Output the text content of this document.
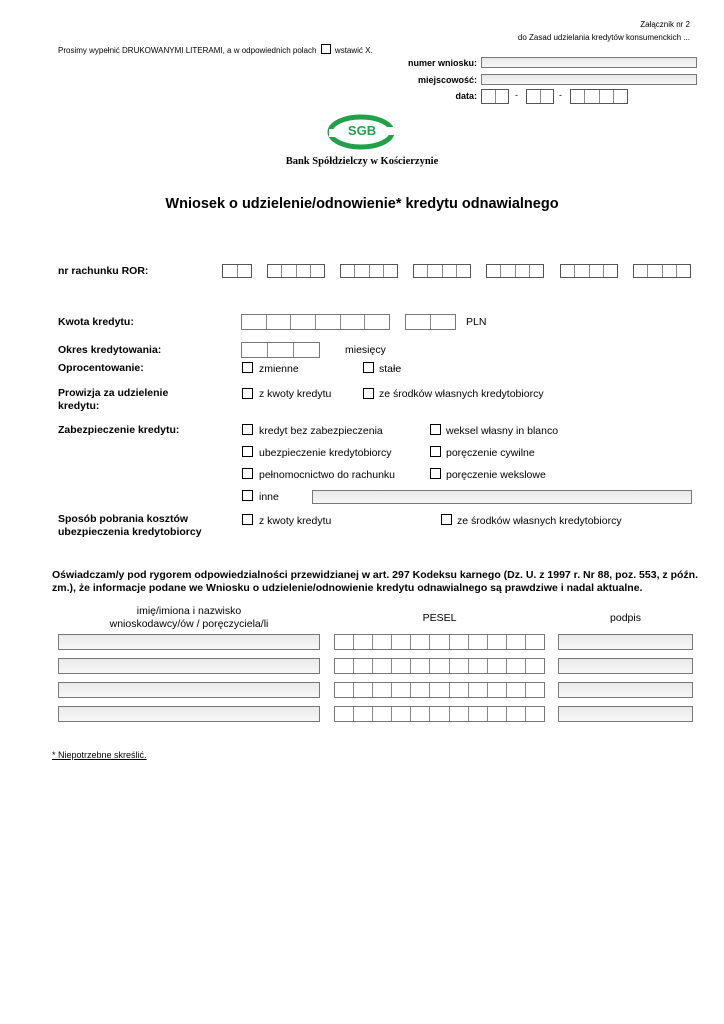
Załącznik nr 2
do Zasad udzielania kredytów konsumenckich ...
Prosimy wypełnić DRUKOWANYMI LITERAMI, a w odpowiednich polach wstawić X.
numer wniosku:
miejscowość:
data:	-	-
SGB
Bank Spółdzielczy w Kościerzynie
Wniosek o udzielenie/odnowienie* kredytu odnawialnego
nr rachunku ROR:
Kwota kredytu:	PLN
Okres kredytowania:	miesięcy
Oprocentowanie:	zmienne	stałe
Prowizja za udzielenie
kredytu:
z kwoty kredytu	ze środków własnych kredytobiorcy
Zabezpieczenie kredytu:	kredyt bez zabezpieczenia	weksel własny in blanco
ubezpieczenie kredytobiorcy	poręczenie cywilne
pełnomocnictwo do rachunku	poręczenie wekslowe
inne
Sposób pobrania kosztów
ubezpieczenia kredytobiorcy
z kwoty kredytu	ze środków własnych kredytobiorcy
Oświadczam/y pod rygorem odpowiedzialności przewidzianej w art. 297 Kodeksu karnego (Dz. U. z 1997 r. Nr 88, poz. 553, z późn. zm.), że informacje podane we Wniosku o udzielenie/odnowienie kredytu odnawialnego są prawdziwe i nadal aktualne.
imię/imiona i nazwisko
wnioskodawcy/ów / poręczyciela/li	PESEL	podpis
* Niepotrzebne skreślić.
